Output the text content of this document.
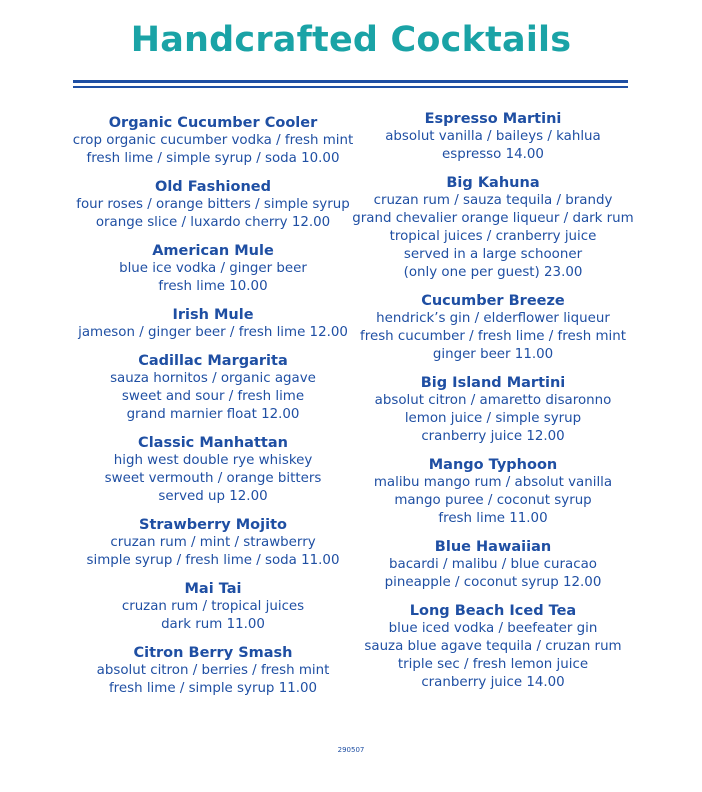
Handcrafted Cocktails
Organic Cucumber Cooler
crop organic cucumber vodka / fresh mint
fresh lime / simple syrup / soda 10.00
Old Fashioned
four roses / orange bitters / simple syrup
orange slice / luxardo cherry 12.00
American Mule
blue ice vodka / ginger beer
fresh lime 10.00
Irish Mule
jameson / ginger beer / fresh lime 12.00
Cadillac Margarita
sauza hornitos / organic agave
sweet and sour / fresh lime
grand marnier float 12.00
Classic Manhattan
high west double rye whiskey
sweet vermouth / orange bitters
served up 12.00
Strawberry Mojito
cruzan rum / mint / strawberry
simple syrup / fresh lime / soda 11.00
Mai Tai
cruzan rum / tropical juices
dark rum 11.00
Citron Berry Smash
absolut citron / berries / fresh mint
fresh lime / simple syrup 11.00
Espresso Martini
absolut vanilla / baileys / kahlua
espresso 14.00
Big Kahuna
cruzan rum / sauza tequila / brandy
grand chevalier orange liqueur / dark rum
tropical juices / cranberry juice
served in a large schooner
(only one per guest) 23.00
Cucumber Breeze
hendrick’s gin / elderflower liqueur
fresh cucumber / fresh lime / fresh mint
ginger beer 11.00
Big Island Martini
absolut citron / amaretto disaronno
lemon juice / simple syrup
cranberry juice 12.00
Mango Typhoon
malibu mango rum / absolut vanilla
mango puree / coconut syrup
fresh lime 11.00
Blue Hawaiian
bacardi / malibu / blue curacao
pineapple / coconut syrup 12.00
Long Beach Iced Tea
blue iced vodka / beefeater gin
sauza blue agave tequila / cruzan rum
triple sec / fresh lemon juice
cranberry juice 14.00
290507
